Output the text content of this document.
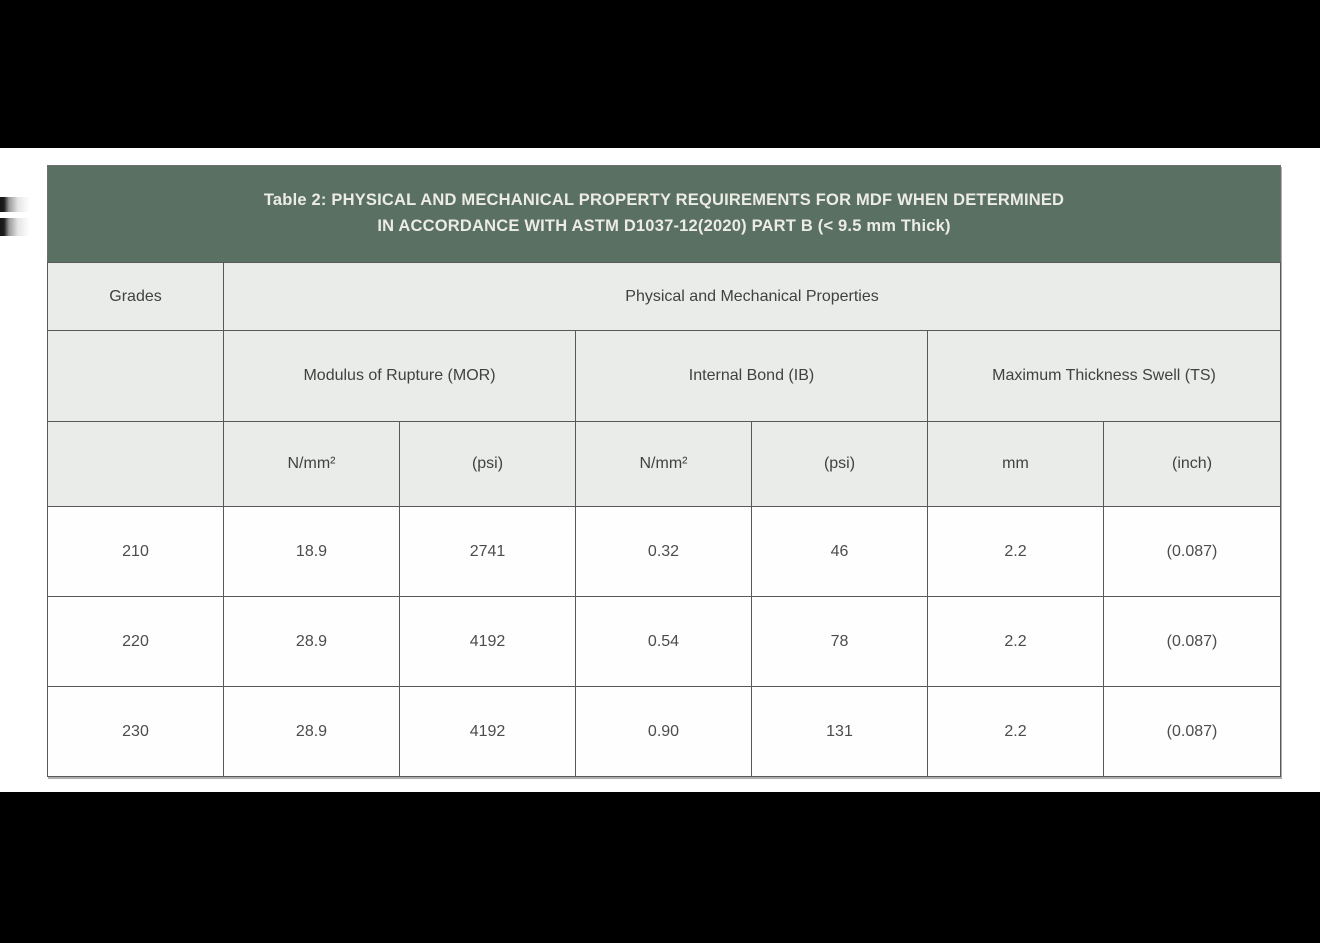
Table 2: PHYSICAL AND MECHANICAL PROPERTY REQUIREMENTS FOR MDF WHEN DETERMINED
IN ACCORDANCE WITH ASTM D1037-12(2020) PART B (< 9.5 mm Thick)						

Grades	Physical and Mechanical Properties					
	Modulus of Rupture (MOR)		Internal Bond (IB)		Maximum Thickness Swell (TS)	
	N/mm²	(psi)	N/mm²	(psi)	mm	(inch)
210	18.9	2741	0.32	46	2.2	(0.087)
220	28.9	4192	0.54	78	2.2	(0.087)
230	28.9	4192	0.90	131	2.2	(0.087)
